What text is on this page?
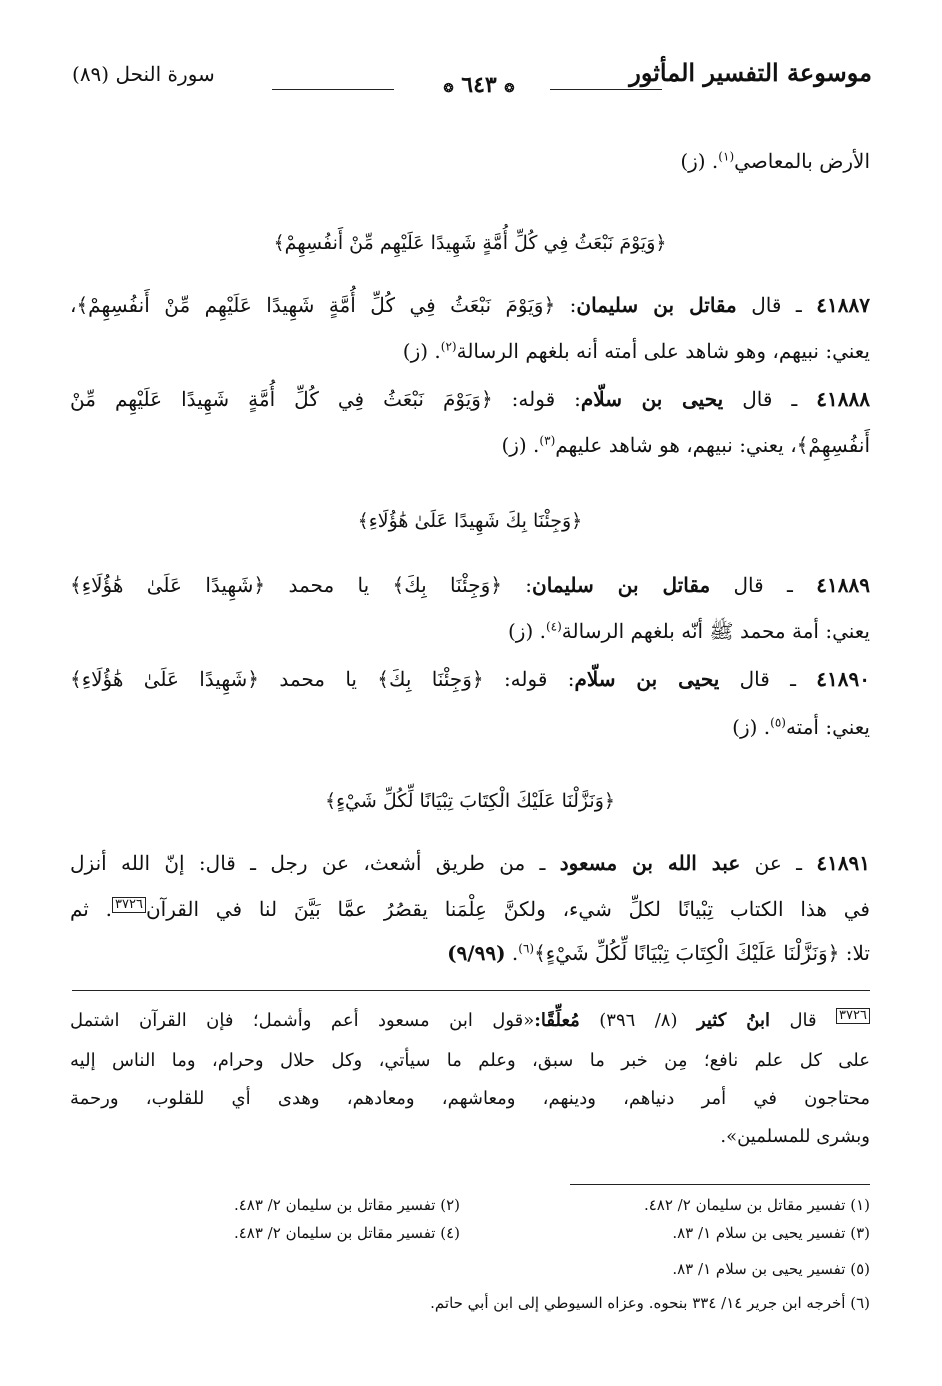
موسوعة التفسير المأثور
❂ ٦٤٣ ❂
سورة النحل (٨٩)
الأرض بالمعاصي$^{(١)}$. (ز)
﴿وَيَوْمَ نَبْعَثُ فِي كُلِّ أُمَّةٍ شَهِيدًا عَلَيْهِم مِّنْ أَنفُسِهِمْ﴾
٤١٨٨٧ ـ قال مقاتل بن سليمان: ﴿وَيَوْمَ نَبْعَثُ فِي كُلِّ أُمَّةٍ شَهِيدًا عَلَيْهِم مِّنْ أَنفُسِهِمْ﴾،
يعني: نبيهم، وهو شاهد على أمته أنه بلغهم الرسالة$^{(٢)}$. (ز)
٤١٨٨٨ ـ قال يحيى بن سلّام: قوله: ﴿وَيَوْمَ نَبْعَثُ فِي كُلِّ أُمَّةٍ شَهِيدًا عَلَيْهِم مِّنْ
أَنفُسِهِمْ﴾، يعني: نبيهم، هو شاهد عليهم$^{(٣)}$. (ز)
﴿وَجِئْنَا بِكَ شَهِيدًا عَلَىٰ هَٰؤُلَاءِ﴾
٤١٨٨٩ ـ قال مقاتل بن سليمان: ﴿وَجِئْنَا بِكَ﴾ يا محمد ﴿شَهِيدًا عَلَىٰ هَٰؤُلَاءِ﴾
يعني: أمة محمد ﷺ أنّه بلغهم الرسالة$^{(٤)}$. (ز)
٤١٨٩٠ ـ قال يحيى بن سلّام: قوله: ﴿وَجِئْنَا بِكَ﴾ يا محمد ﴿شَهِيدًا عَلَىٰ هَٰؤُلَاءِ﴾
يعني: أمته$^{(٥)}$. (ز)
﴿وَنَزَّلْنَا عَلَيْكَ الْكِتَابَ تِبْيَانًا لِّكُلِّ شَيْءٍ﴾
٤١٨٩١ ـ عن عبد الله بن مسعود ـ من طريق أشعث، عن رجل ـ قال: إنّ الله أنزل
في هذا الكتاب تِبْيانًا لكلِّ شيء، ولكنَّ عِلْمَنا يقصُرُ عمَّا بَيَّنَ لنا في القرآن٣٧٢٦. ثم
تلا: ﴿وَنَزَّلْنَا عَلَيْكَ الْكِتَابَ تِبْيَانًا لِّكُلِّ شَيْءٍ﴾$^{(٦)}$. (٩/٩٩)
٣٧٢٦ قال ابنُ كثير (٨/ ٣٩٦) مُعلِّقًا:«قول ابن مسعود أعم وأشمل؛ فإن القرآن اشتمل
على كل علم نافع؛ مِن خبر ما سبق، وعلم ما سيأتي، وكل حلال وحرام، وما الناس إليه
محتاجون في أمر دنياهم، ودينهم، ومعاشهم، ومعادهم، وهدى أي للقلوب، ورحمة
وبشرى للمسلمين».
(١) تفسير مقاتل بن سليمان ٢/ ٤٨٢.
(٢) تفسير مقاتل بن سليمان ٢/ ٤٨٣.
(٣) تفسير يحيى بن سلام ١/ ٨٣.
(٤) تفسير مقاتل بن سليمان ٢/ ٤٨٣.
(٥) تفسير يحيى بن سلام ١/ ٨٣.
(٦) أخرجه ابن جرير ١٤/ ٣٣٤ بنحوه. وعزاه السيوطي إلى ابن أبي حاتم.
